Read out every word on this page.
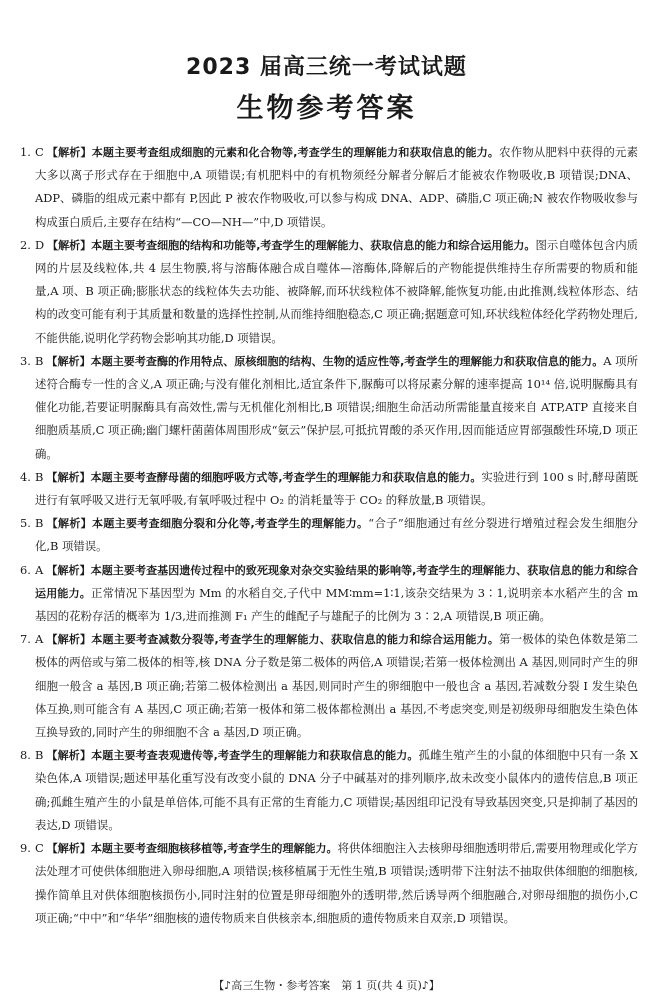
2023 届高三统一考试试题
生物参考答案

1. C 【解析】本题主要考查组成细胞的元素和化合物等,考查学生的理解能力和获取信息的能力。农作物从肥料中获得的元素大多以离子形式存在于细胞中,A 项错误;有机肥料中的有机物须经分解者分解后才能被农作物吸收,B 项错误;DNA、ADP、磷脂的组成元素中都有 P,因此 P 被农作物吸收,可以参与构成 DNA、ADP、磷脂,C 项正确;N 被农作物吸收参与构成蛋白质后,主要存在结构“—CO—NH—”中,D 项错误。

2. D 【解析】本题主要考查细胞的结构和功能等,考查学生的理解能力、获取信息的能力和综合运用能力。图示自噬体包含内质网的片层及线粒体,共 4 层生物膜,将与溶酶体融合成自噬体—溶酶体,降解后的产物能提供维持生存所需要的物质和能量,A 项、B 项正确;膨胀状态的线粒体失去功能、被降解,而环状线粒体不被降解,能恢复功能,由此推测,线粒体形态、结构的改变可能有利于其质量和数量的选择性控制,从而维持细胞稳态,C 项正确;据题意可知,环状线粒体经化学药物处理后,不能供能,说明化学药物会影响其功能,D 项错误。

3. B 【解析】本题主要考查酶的作用特点、原核细胞的结构、生物的适应性等,考查学生的理解能力和获取信息的能力。A 项所述符合酶专一性的含义,A 项正确;与没有催化剂相比,适宜条件下,脲酶可以将尿素分解的速率提高 10¹⁴ 倍,说明脲酶具有催化功能,若要证明脲酶具有高效性,需与无机催化剂相比,B 项错误;细胞生命活动所需能量直接来自 ATP,ATP 直接来自细胞质基质,C 项正确;幽门螺杆菌菌体周围形成“氨云”保护层,可抵抗胃酸的杀灭作用,因而能适应胃部强酸性环境,D 项正确。

4. B 【解析】本题主要考查酵母菌的细胞呼吸方式等,考查学生的理解能力和获取信息的能力。实验进行到 100 s 时,酵母菌既进行有氧呼吸又进行无氧呼吸,有氧呼吸过程中 O₂ 的消耗量等于 CO₂ 的释放量,B 项错误。

5. B 【解析】本题主要考查细胞分裂和分化等,考查学生的理解能力。“合子”细胞通过有丝分裂进行增殖过程会发生细胞分化,B 项错误。

6. A 【解析】本题主要考查基因遗传过程中的致死现象对杂交实验结果的影响等,考查学生的理解能力、获取信息的能力和综合运用能力。正常情况下基因型为 Mm 的水稻自交,子代中 MM∶mm=1∶1,该杂交结果为 3∶1,说明亲本水稻产生的含 m 基因的花粉存活的概率为 1/3,进而推测 F₁ 产生的雌配子与雄配子的比例为 3∶2,A 项错误,B 项正确。

7. A 【解析】本题主要考查减数分裂等,考查学生的理解能力、获取信息的能力和综合运用能力。第一极体的染色体数是第二极体的两倍或与第二极体的相等,核 DNA 分子数是第二极体的两倍,A 项错误;若第一极体检测出 A 基因,则同时产生的卵细胞一般含 a 基因,B 项正确;若第二极体检测出 a 基因,则同时产生的卵细胞中一般也含 a 基因,若减数分裂 Ⅰ 发生染色体互换,则可能含有 A 基因,C 项正确;若第一极体和第二极体都检测出 a 基因,不考虑突变,则是初级卵母细胞发生染色体互换导致的,同时产生的卵细胞不含 a 基因,D 项正确。

8. B 【解析】本题主要考查表观遗传等,考查学生的理解能力和获取信息的能力。孤雌生殖产生的小鼠的体细胞中只有一条 X 染色体,A 项错误;题述甲基化重写没有改变小鼠的 DNA 分子中碱基对的排列顺序,故未改变小鼠体内的遗传信息,B 项正确;孤雌生殖产生的小鼠是单倍体,可能不具有正常的生育能力,C 项错误;基因组印记没有导致基因突变,只是抑制了基因的表达,D 项错误。

9. C 【解析】本题主要考查细胞核移植等,考查学生的理解能力。将供体细胞注入去核卵母细胞透明带后,需要用物理或化学方法处理才可使供体细胞进入卵母细胞,A 项错误;核移植属于无性生殖,B 项错误;透明带下注射法不抽取供体细胞的细胞核,操作简单且对供体细胞核损伤小,同时注射的位置是卵母细胞外的透明带,然后诱导两个细胞融合,对卵母细胞的损伤小,C 项正确;“中中”和“华华”细胞核的遗传物质来自供核亲本,细胞质的遗传物质来自双亲,D 项错误。

【♪高三生物・参考答案　第 1 页(共 4 页)♪】
